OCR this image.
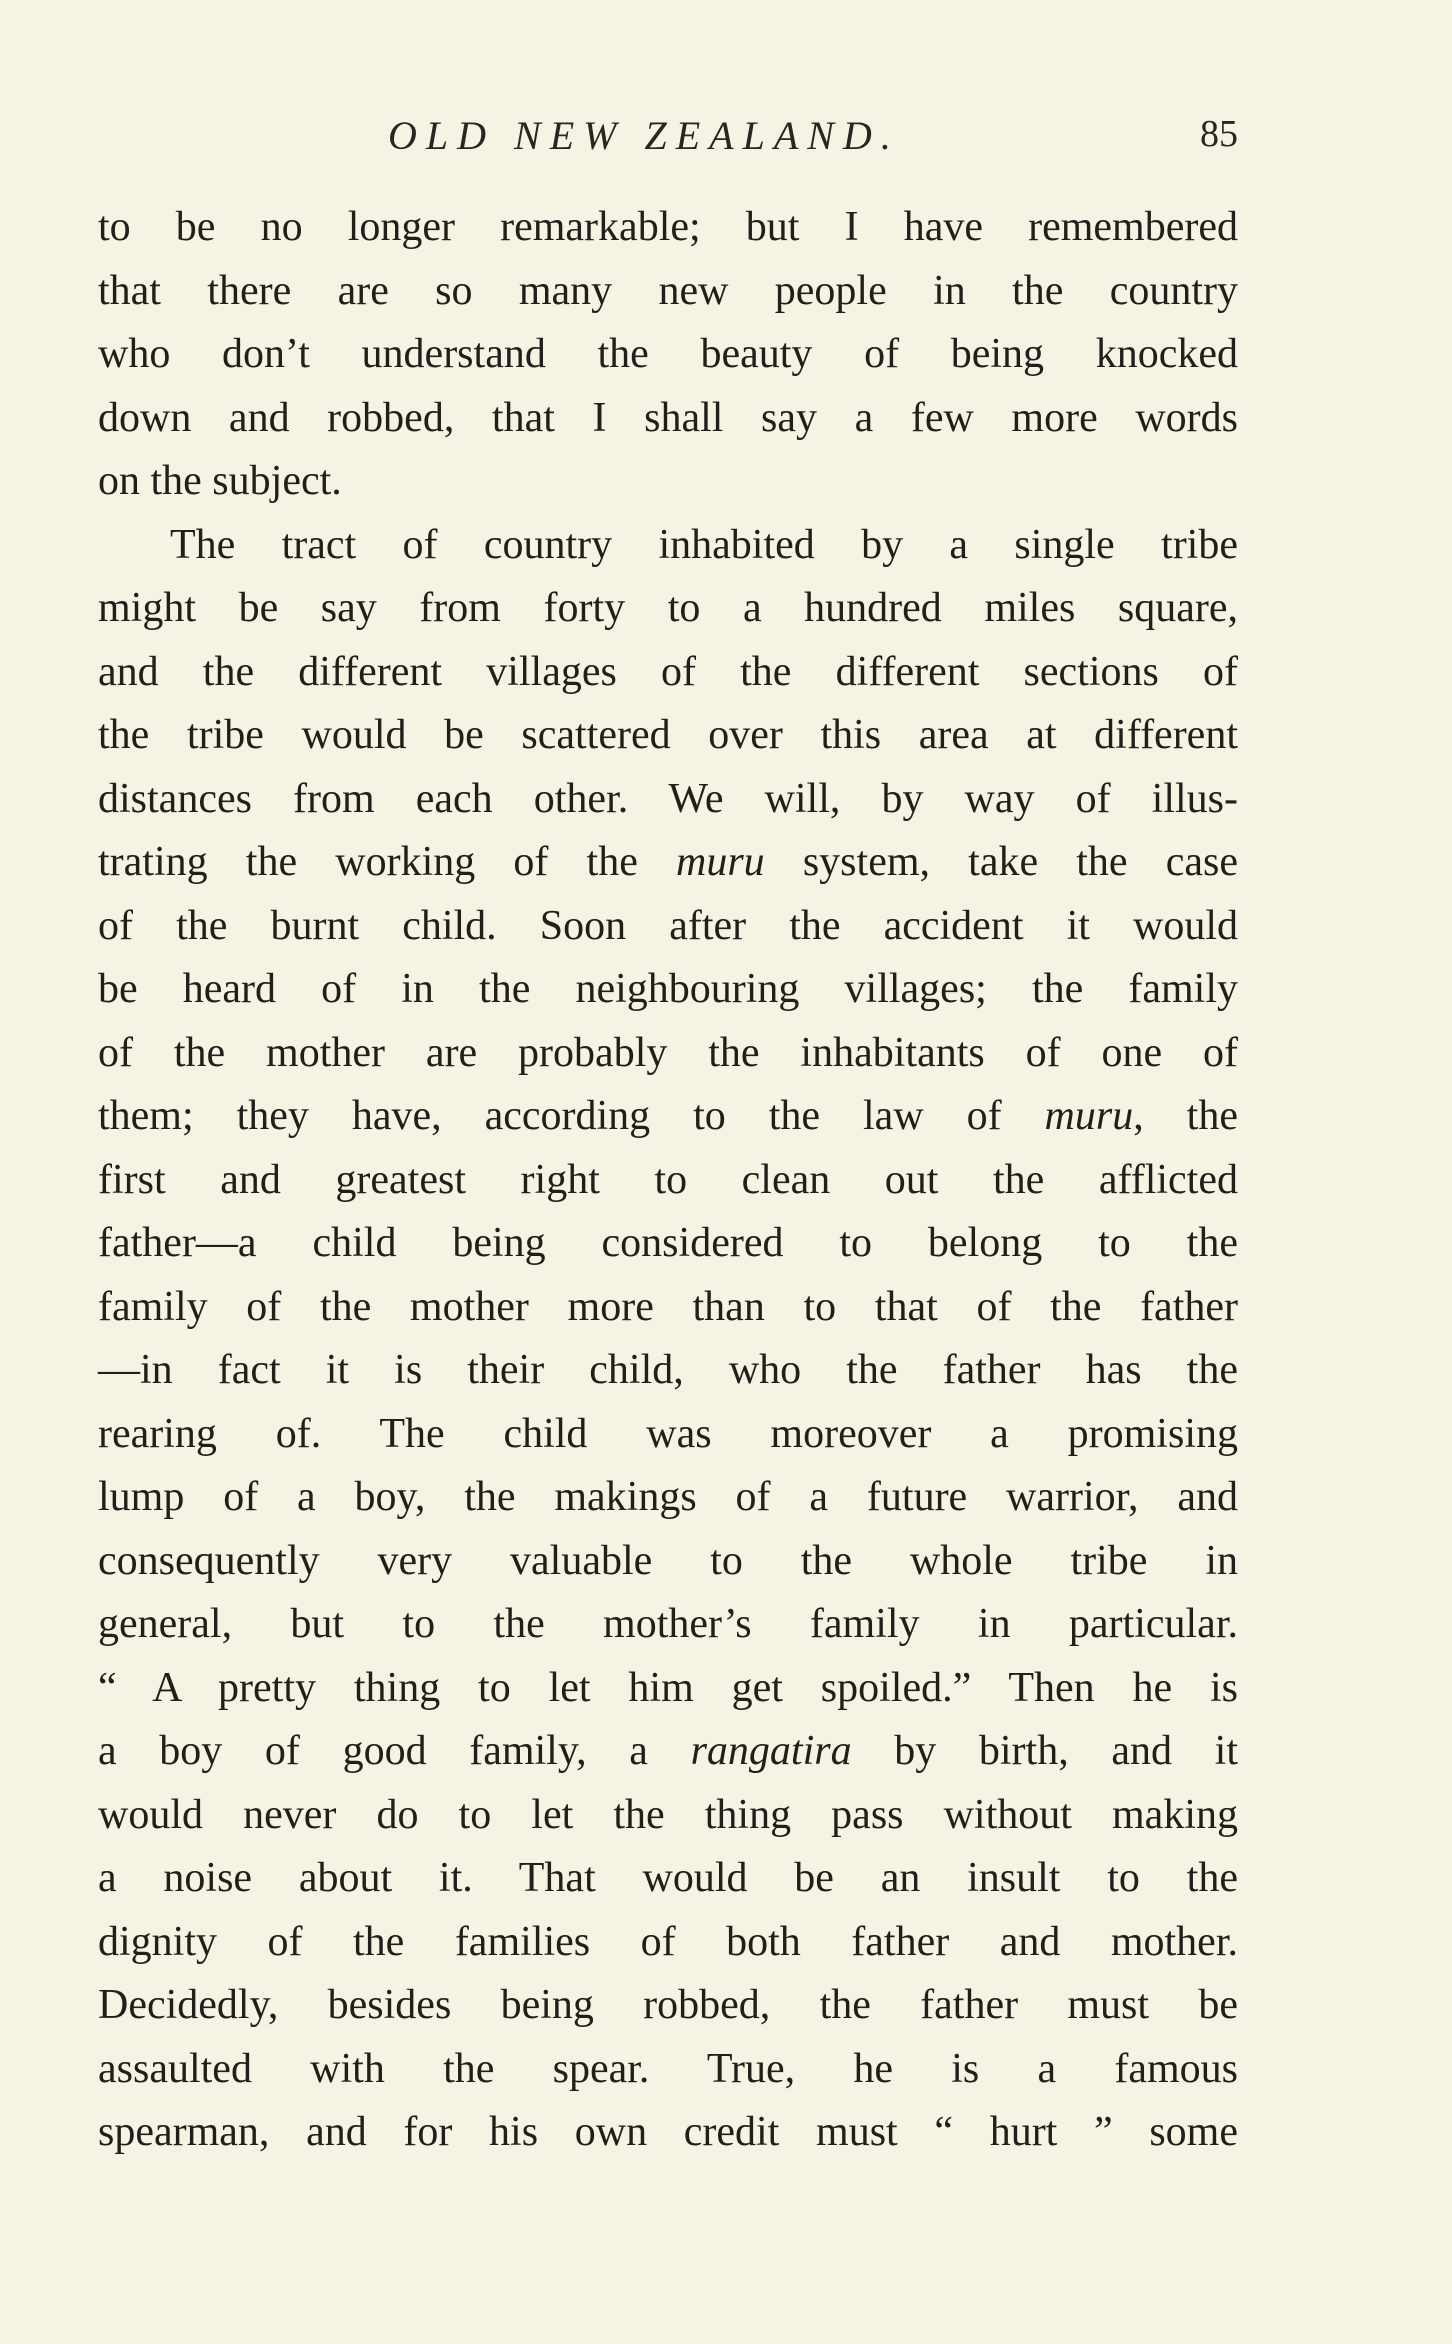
OLD NEW ZEALAND.	85
to be no longer remarkable; but I have remembered
that there are so many new people in the country
who don’t understand the beauty of being knocked
down and robbed, that I shall say a few more words
on the subject.
The tract of country inhabited by a single tribe
might be say from forty to a hundred miles square,
and the different villages of the different sections of
the tribe would be scattered over this area at different
distances from each other. We will, by way of illus-
trating the working of the muru system, take the case
of the burnt child. Soon after the accident it would
be heard of in the neighbouring villages; the family
of the mother are probably the inhabitants of one of
them; they have, according to the law of muru, the
first and greatest right to clean out the afflicted
father—a child being considered to belong to the
family of the mother more than to that of the father
—in fact it is their child, who the father has the
rearing of. The child was moreover a promising
lump of a boy, the makings of a future warrior, and
consequently very valuable to the whole tribe in
general, but to the mother’s family in particular.
“ A pretty thing to let him get spoiled.” Then he is
a boy of good family, a rangatira by birth, and it
would never do to let the thing pass without making
a noise about it. That would be an insult to the
dignity of the families of both father and mother.
Decidedly, besides being robbed, the father must be
assaulted with the spear. True, he is a famous
spearman, and for his own credit must “ hurt ” some
